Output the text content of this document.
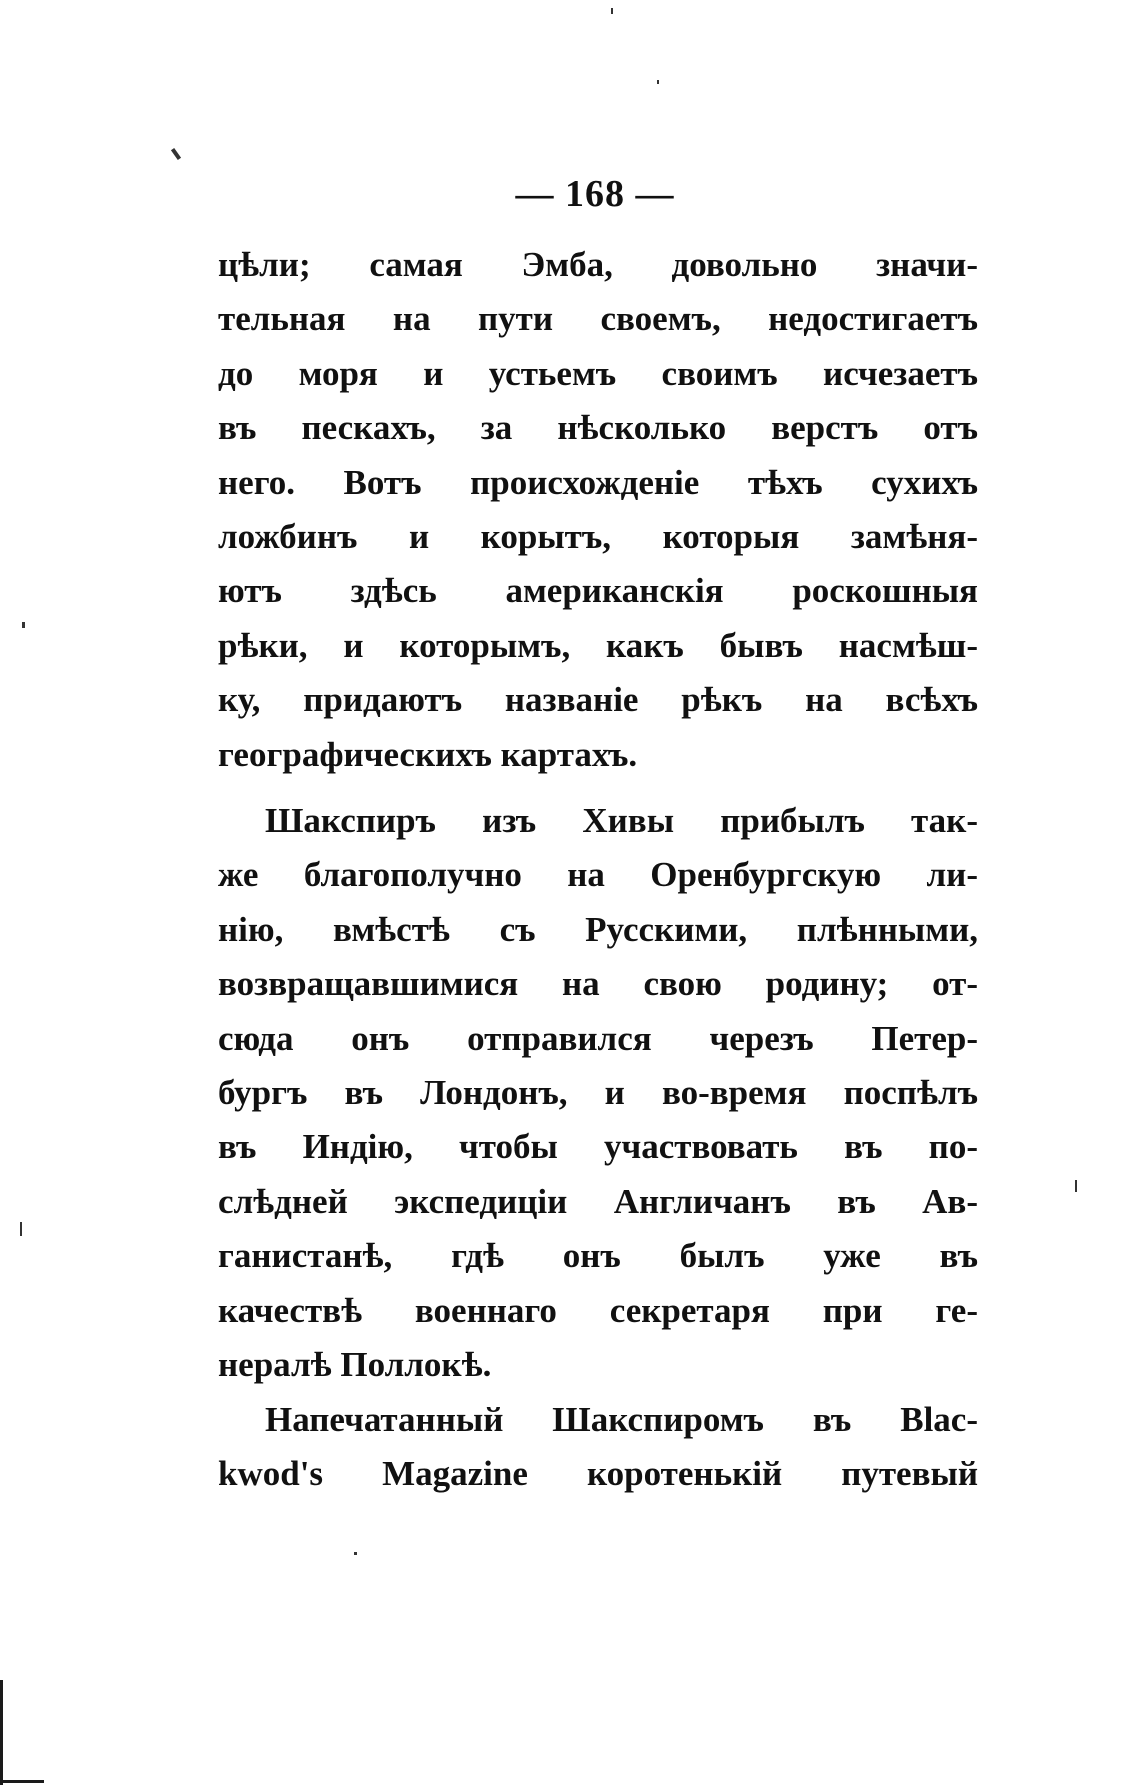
— 168 —
цѣли; самая Эмба, довольно значи-
тельная на пути своемъ, недостигаетъ
до моря и устьемъ своимъ исчезаетъ
въ пескахъ, за нѣсколько верстъ отъ
него. Вотъ происхожденіе тѣхъ сухихъ
ложбинъ и корытъ, которыя замѣня-
ютъ здѣсь американскія роскошныя
рѣки, и которымъ, какъ бывъ насмѣш-
ку, придаютъ названіе рѣкъ на всѣхъ
географическихъ картахъ.
Шакспиръ изъ Хивы прибылъ так-
же благополучно на Оренбургскую ли-
нію, вмѣстѣ съ Русскими, плѣнными,
возвращавшимися на свою родину; от-
сюда онъ отправился черезъ Петер-
бургъ въ Лондонъ, и во-время поспѣлъ
въ Индію, чтобы участвовать въ по-
слѣдней экспедиціи Англичанъ въ Ав-
ганистанѣ, гдѣ онъ былъ уже въ
качествѣ военнаго секретаря при ге-
нералѣ Поллокѣ.
Напечатанный Шакспиромъ въ Blac-
kwod's Magazine коротенькій путевый
